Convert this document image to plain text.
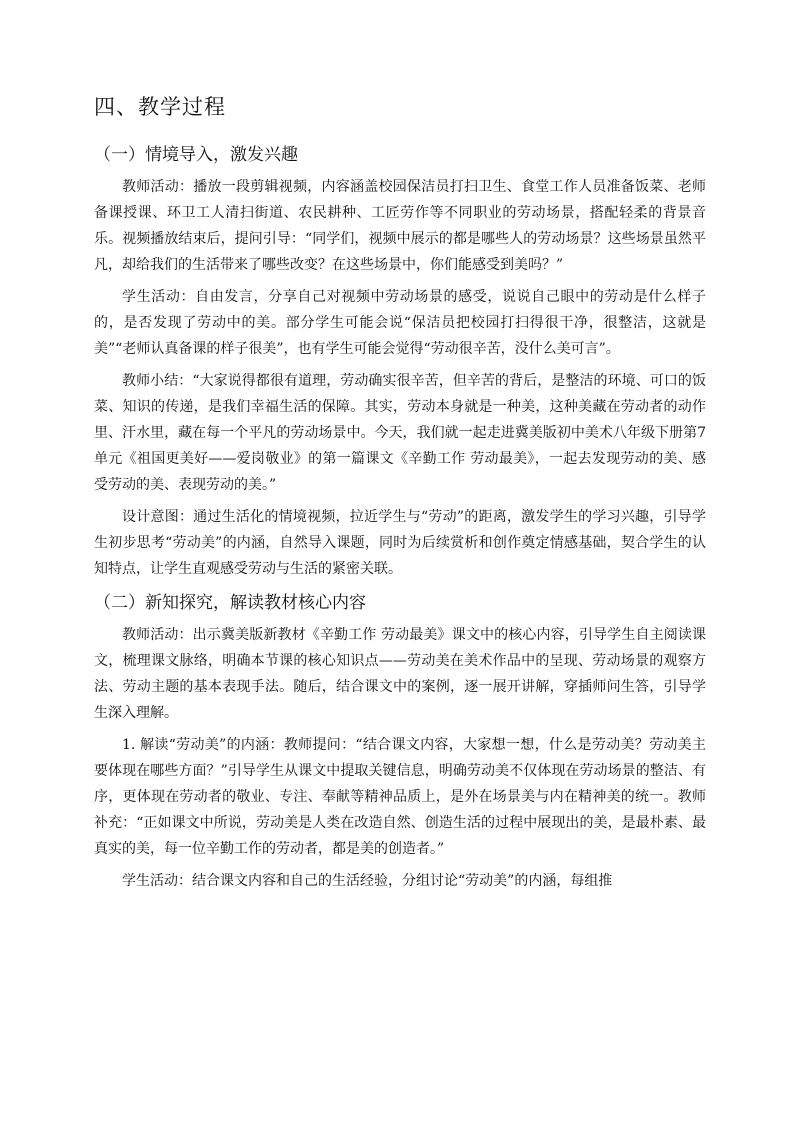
四、教学过程
（一）情境导入，激发兴趣

教师活动：播放一段剪辑视频，内容涵盖校园保洁员打扫卫生、食堂工作人员准备饭菜、老师备课授课、环卫工人清扫街道、农民耕种、工匠劳作等不同职业的劳动场景，搭配轻柔的背景音乐。视频播放结束后，提问引导：“同学们，视频中展示的都是哪些人的劳动场景？这些场景虽然平凡，却给我们的生活带来了哪些改变？在这些场景中，你们能感受到美吗？”

学生活动：自由发言，分享自己对视频中劳动场景的感受，说说自己眼中的劳动是什么样子的，是否发现了劳动中的美。部分学生可能会说“保洁员把校园打扫得很干净，很整洁，这就是美”“老师认真备课的样子很美”，也有学生可能会觉得“劳动很辛苦，没什么美可言”。

教师小结：“大家说得都很有道理，劳动确实很辛苦，但辛苦的背后，是整洁的环境、可口的饭菜、知识的传递，是我们幸福生活的保障。其实，劳动本身就是一种美，这种美藏在劳动者的动作里、汗水里，藏在每一个平凡的劳动场景中。今天，我们就一起走进冀美版初中美术八年级下册第7单元《祖国更美好——爱岗敬业》的第一篇课文《辛勤工作 劳动最美》，一起去发现劳动的美、感受劳动的美、表现劳动的美。”

设计意图：通过生活化的情境视频，拉近学生与“劳动”的距离，激发学生的学习兴趣，引导学生初步思考“劳动美”的内涵，自然导入课题，同时为后续赏析和创作奠定情感基础，契合学生的认知特点，让学生直观感受劳动与生活的紧密关联。

（二）新知探究，解读教材核心内容

教师活动：出示冀美版新教材《辛勤工作 劳动最美》课文中的核心内容，引导学生自主阅读课文，梳理课文脉络，明确本节课的核心知识点——劳动美在美术作品中的呈现、劳动场景的观察方法、劳动主题的基本表现手法。随后，结合课文中的案例，逐一展开讲解，穿插师问生答，引导学生深入理解。

1. 解读“劳动美”的内涵：教师提问：“结合课文内容，大家想一想，什么是劳动美？劳动美主要体现在哪些方面？”引导学生从课文中提取关键信息，明确劳动美不仅体现在劳动场景的整洁、有序，更体现在劳动者的敬业、专注、奉献等精神品质上，是外在场景美与内在精神美的统一。教师补充：“正如课文中所说，劳动美是人类在改造自然、创造生活的过程中展现出的美，是最朴素、最真实的美，每一位辛勤工作的劳动者，都是美的创造者。”

学生活动：结合课文内容和自己的生活经验，分组讨论“劳动美”的内涵，每组推
